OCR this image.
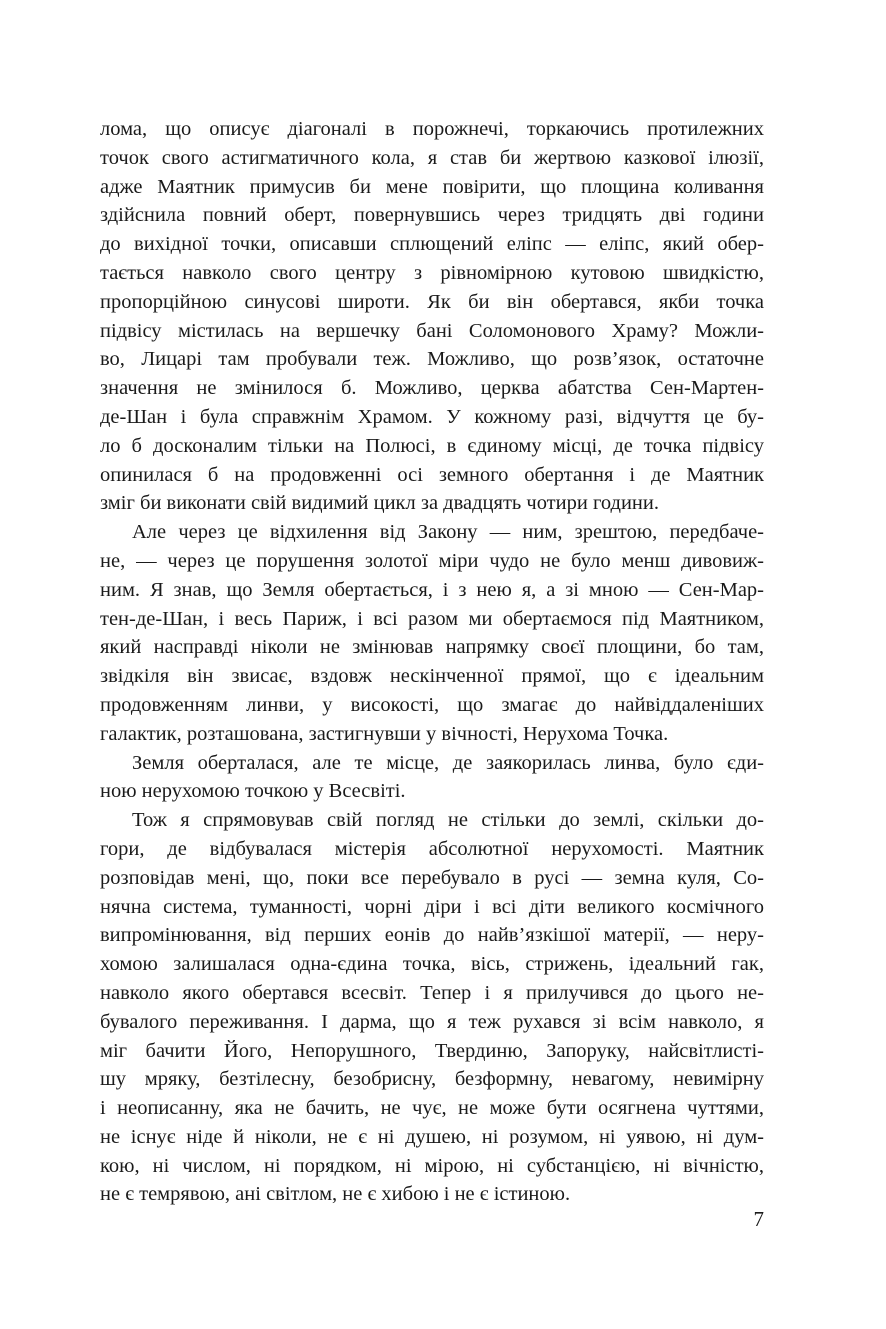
лома, що описує діагоналі в порожнечі, торкаючись протилежних
точок свого астигматичного кола, я став би жертвою казкової ілюзії,
адже Маятник примусив би мене повірити, що площина коливання
здійснила повний оберт, повернувшись через тридцять дві години
до вихідної точки, описавши сплющений еліпс — еліпс, який обер-
тається навколо свого центру з рівномірною кутовою швидкістю,
пропорційною синусові широти. Як би він обертався, якби точка
підвісу містилась на вершечку бані Соломонового Храму? Можли-
во, Лицарі там пробували теж. Можливо, що розв’язок, остаточне
значення не змінилося б. Можливо, церква абатства Сен-Мартен-
де-Шан і була справжнім Храмом. У кожному разі, відчуття це бу-
ло б досконалим тільки на Полюсі, в єдиному місці, де точка підвісу
опинилася б на продовженні осі земного обертання і де Маятник
зміг би виконати свій видимий цикл за двадцять чотири години.
Але через це відхилення від Закону — ним, зрештою, передбаче-
не, — через це порушення золотої міри чудо не було менш дивовиж-
ним. Я знав, що Земля обертається, і з нею я, а зі мною — Сен-Мар-
тен-де-Шан, і весь Париж, і всі разом ми обертаємося під Маятником,
який насправді ніколи не змінював напрямку своєї площини, бо там,
звідкіля він звисає, вздовж нескінченної прямої, що є ідеальним
продовженням линви, у високості, що змагає до найвіддаленіших
галактик, розташована, застигнувши у вічності, Нерухома Точка.
Земля оберталася, але те місце, де заякорилась линва, було єди-
ною нерухомою точкою у Всесвіті.
Тож я спрямовував свій погляд не стільки до землі, скільки до-
гори, де відбувалася містерія абсолютної нерухомості. Маятник
розповідав мені, що, поки все перебувало в русі — земна куля, Со-
нячна система, туманності, чорні діри і всі діти великого космічного
випромінювання, від перших еонів до найв’язкішої матерії, — неру-
хомою залишалася одна-єдина точка, вісь, стрижень, ідеальний гак,
навколо якого обертався всесвіт. Тепер і я прилучився до цього не-
бувалого переживання. І дарма, що я теж рухався зі всім навколо, я
міг бачити Його, Непорушного, Твердиню, Запоруку, найсвітлисті-
шу мряку, безтілесну, безобрисну, безформну, невагому, невимірну
і неописанну, яка не бачить, не чує, не може бути осягнена чуттями,
не існує ніде й ніколи, не є ні душею, ні розумом, ні уявою, ні дум-
кою, ні числом, ні порядком, ні мірою, ні субстанцією, ні вічністю,
не є темрявою, ані світлом, не є хибою і не є істиною.
7
